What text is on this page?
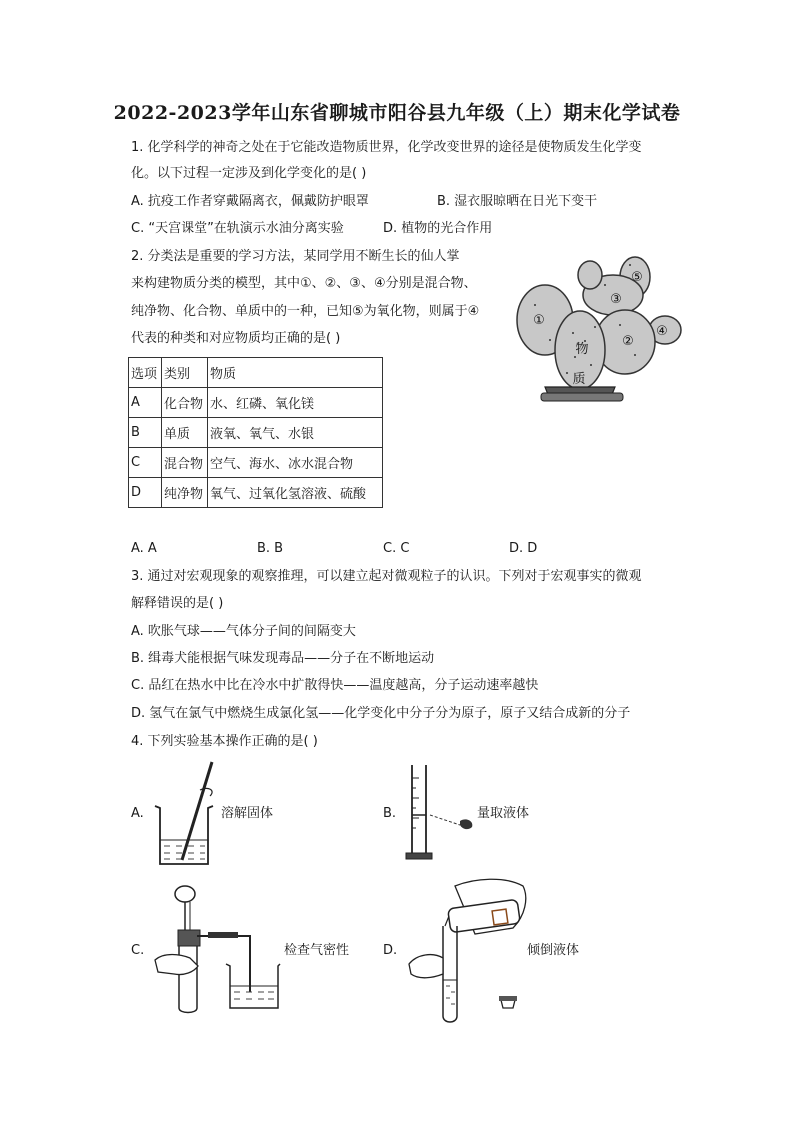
2022-2023学年山东省聊城市阳谷县九年级（上）期末化学试卷
1. 化学科学的神奇之处在于它能改造物质世界，化学改变世界的途径是使物质发生化学变
化。以下过程一定涉及到化学变化的是( )
A. 抗疫工作者穿戴隔离衣，佩戴防护眼罩	B. 湿衣服晾晒在日光下变干
C. “天宫课堂”在轨演示水油分离实验	D. 植物的光合作用
2. 分类法是重要的学习方法，某同学用不断生长的仙人掌
来构建物质分类的模型，其中①、②、③、④分别是混合物、
纯净物、化合物、单质中的一种，已知⑤为氧化物，则属于④
代表的种类和对应物质均正确的是( )
选项	类别	物质
A	化合物	水、红磷、氧化镁
B	单质	液氧、氧气、水银
C	混合物	空气、海水、冰水混合物
D	纯净物	氧气、过氧化氢溶液、硫酸
①
②
③
④
⑤
物
质
A. A	B. B	C. C	D. D
3. 通过对宏观现象的观察推理，可以建立起对微观粒子的认识。下列对于宏观事实的微观
解释错误的是( )
A. 吹胀气球——气体分子间的间隔变大
B. 缉毒犬能根据气味发现毒品——分子在不断地运动
C. 品红在热水中比在冷水中扩散得快——温度越高，分子运动速率越快
D. 氢气在氯气中燃烧生成氯化氢——化学变化中分子分为原子，原子又结合成新的分子
4. 下列实验基本操作正确的是( )
A.	溶解固体	B.	量取液体
C.	检查气密性	D.	倾倒液体
